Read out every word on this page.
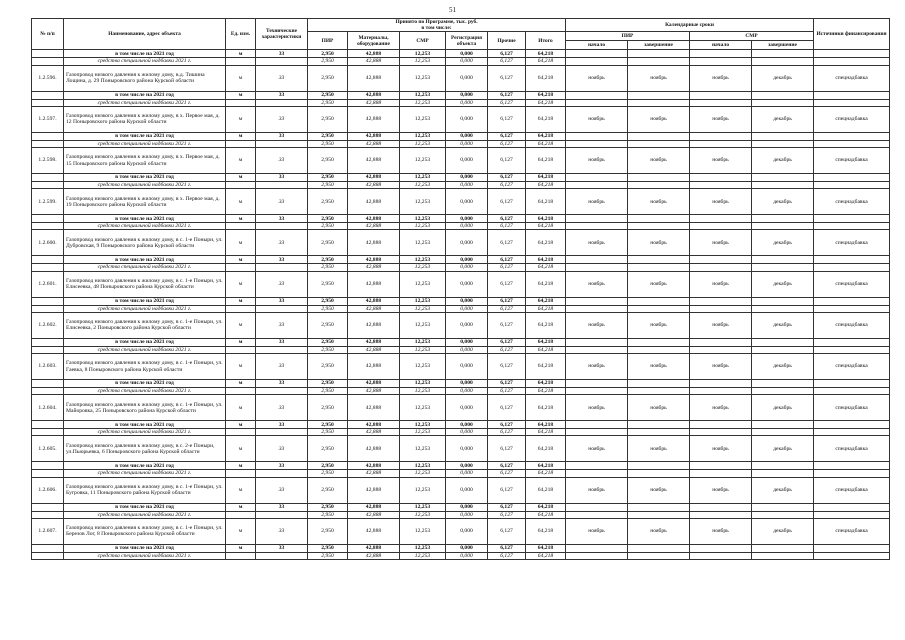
51
№ п/п	Наименование, адрес объекта	Ед. изм.	Технические характеристики	Принято по Программе, тыс. руб.
в том числе:						Календарные сроки				Источники финансирования
				ПИР	Материалы, оборудование	СМР	Регистрация объекта	Прочие	Итого	ПИР		СМР		
										начало	завершение	начало	завершение	
	в том числе на 2021 год	м	33	2,950	42,888	12,253	0,000	6,127	64,218					
	средства специальной надбавки 2021 г.			2,950	42,888	12,253	0,000	6,127	64,218					
1.2.596.	Газопровод низкого давления к жилому дому, в.д. Тишина Лощина, д. 29 Поныровского района Курской области	м	33	2,950	42,888	12,253	0,000	6,127	64,218	ноябрь	ноябрь	ноябрь	декабрь	спецнадбавка
	в том числе на 2021 год	м	33	2,950	42,888	12,253	0,000	6,127	64,218					
	средства специальной надбавки 2021 г.			2,950	42,888	12,253	0,000	6,127	64,218					
1.2.597.	Газопровод низкого давления к жилому дому, в х. Первое мая, д. 12 Поныровского района Курской области	м	33	2,950	42,888	12,253	0,000	6,127	64,218	ноябрь	ноябрь	ноябрь	декабрь	спецнадбавка
	в том числе на 2021 год	м	33	2,950	42,888	12,253	0,000	6,127	64,218					
	средства специальной надбавки 2021 г.			2,950	42,888	12,253	0,000	6,127	64,218					
1.2.598.	Газопровод низкого давления к жилому дому, в х. Первое мая, д. 15 Поныровского района Курской области	м	33	2,950	42,888	12,253	0,000	6,127	64,218	ноябрь	ноябрь	ноябрь	декабрь	спецнадбавка
	в том числе на 2021 год	м	33	2,950	42,888	12,253	0,000	6,127	64,218					
	средства специальной надбавки 2021 г.			2,950	42,888	12,253	0,000	6,127	64,218					
1.2.599.	Газопровод низкого давления к жилому дому, в х. Первое мая, д. 19 Поныровского района Курской области	м	33	2,950	42,888	12,253	0,000	6,127	64,218	ноябрь	ноябрь	ноябрь	декабрь	спецнадбавка
	в том числе на 2021 год	м	33	2,950	42,888	12,253	0,000	6,127	64,218					
	средства специальной надбавки 2021 г.			2,950	42,888	12,253	0,000	6,127	64,218					
1.2.600.	Газопровод низкого давления к жилому дому, в с. 1-е Поныри, ул. Дубровская, 9 Поныровского района Курской области	м	33	2,950	42,888	12,253	0,000	6,127	64,218	ноябрь	ноябрь	ноябрь	декабрь	спецнадбавка
	в том числе на 2021 год	м	33	2,950	42,888	12,253	0,000	6,127	64,218					
	средства специальной надбавки 2021 г.			2,950	42,888	12,253	0,000	6,127	64,218					
1.2.601.	Газопровод низкого давления к жилому дому, в с. 1-е Поныри, ул. Елисеевка, 48 Поныровского района Курской области	м	33	2,950	42,888	12,253	0,000	6,127	64,218	ноябрь	ноябрь	ноябрь	декабрь	спецнадбавка
	в том числе на 2021 год	м	33	2,950	42,888	12,253	0,000	6,127	64,218					
	средства специальной надбавки 2021 г.			2,950	42,888	12,253	0,000	6,127	64,218					
1.2.602.	Газопровод низкого давления к жилому дому, в с. 1-е Поныри, ул. Елисеевка, 2 Поныровского района Курской области	м	33	2,950	42,888	12,253	0,000	6,127	64,218	ноябрь	ноябрь	ноябрь	декабрь	спецнадбавка
	в том числе на 2021 год	м	33	2,950	42,888	12,253	0,000	6,127	64,218					
	средства специальной надбавки 2021 г.			2,950	42,888	12,253	0,000	6,127	64,218					
1.2.603.	Газопровод низкого давления к жилому дому, в с. 1-е Поныри, ул. Гаевка, 8 Поныровского района Курской области	м	33	2,950	42,888	12,253	0,000	6,127	64,218	ноябрь	ноябрь	ноябрь	декабрь	спецнадбавка
	в том числе на 2021 год	м	33	2,950	42,888	12,253	0,000	6,127	64,218					
	средства специальной надбавки 2021 г.			2,950	42,888	12,253	0,000	6,127	64,218					
1.2.604.	Газопровод низкого давления к жилому дому, в с. 1-е Поныри, ул. Майоровка, 25 Поныровского района Курской области	м	33	2,950	42,888	12,253	0,000	6,127	64,218	ноябрь	ноябрь	ноябрь	декабрь	спецнадбавка
	в том числе на 2021 год	м	33	2,950	42,888	12,253	0,000	6,127	64,218					
	средства специальной надбавки 2021 г.			2,950	42,888	12,253	0,000	6,127	64,218					
1.2.605.	Газопровод низкого давления к жилому дому, в с. 2-е Поныри, ул.Пьюрьевка, 6 Поныровского района Курской области	м	33	2,950	42,888	12,253	0,000	6,127	64,218	ноябрь	ноябрь	ноябрь	декабрь	спецнадбавка
	в том числе на 2021 год	м	33	2,950	42,888	12,253	0,000	6,127	64,218					
	средства специальной надбавки 2021 г.			2,950	42,888	12,253	0,000	6,127	64,218					
1.2.606.	Газопровод низкого давления к жилому дому, в с. 1-е Поныри, ул. Бугровка, 11 Поныровского района Курской области	м	33	2,950	42,888	12,253	0,000	6,127	64,218	ноябрь	ноябрь	ноябрь	декабрь	спецнадбавка
	в том числе на 2021 год	м	33	2,950	42,888	12,253	0,000	6,127	64,218					
	средства специальной надбавки 2021 г.			2,950	42,888	12,253	0,000	6,127	64,218					
1.2.607.	Газопровод низкого давления к жилому дому, в с. 1-е Поныри, ул. Березов Лог, 8 Поныровского района Курской области	м	33	2,950	42,888	12,253	0,000	6,127	64,218	ноябрь	ноябрь	ноябрь	декабрь	спецнадбавка
	в том числе на 2021 год	м	33	2,950	42,888	12,253	0,000	6,127	64,218					
	средства специальной надбавки 2021 г.			2,950	42,888	12,253	0,000	6,127	64,218					
